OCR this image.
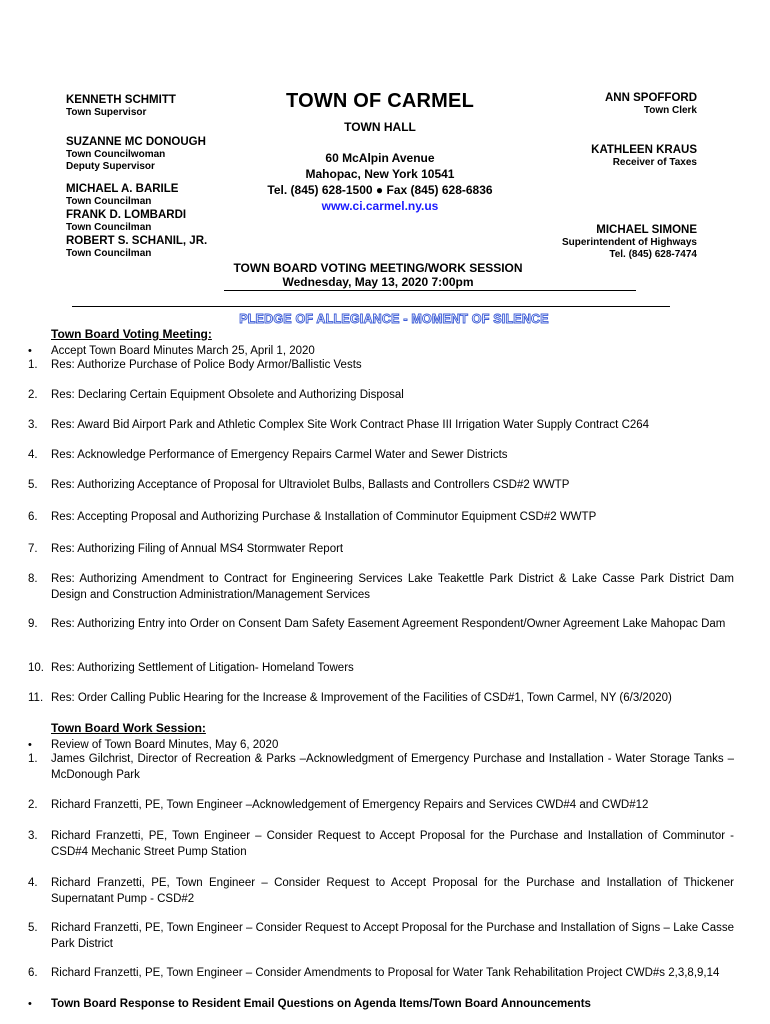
KENNETH SCHMITT
Town Supervisor
SUZANNE MC DONOUGH
Town Councilwoman
Deputy Supervisor
MICHAEL A. BARILE
Town Councilman
FRANK D. LOMBARDI
Town Councilman
ROBERT S. SCHANIL, JR.
Town Councilman
TOWN OF CARMEL
TOWN HALL
60 McAlpin Avenue
Mahopac, New York 10541
Tel. (845) 628-1500 ● Fax (845) 628-6836
www.ci.carmel.ny.us
ANN SPOFFORD
Town Clerk
KATHLEEN KRAUS
Receiver of Taxes
MICHAEL SIMONE
Superintendent of Highways
Tel. (845) 628-7474
TOWN BOARD VOTING MEETING/WORK SESSION
Wednesday, May 13, 2020 7:00pm
PLEDGE OF ALLEGIANCE - MOMENT OF SILENCE
Town Board Voting Meeting:
•	Accept Town Board Minutes March 25, April 1, 2020
1.	Res: Authorize Purchase of Police Body Armor/Ballistic Vests
2.	Res: Declaring Certain Equipment Obsolete and Authorizing Disposal
3.	Res: Award Bid Airport Park and Athletic Complex Site Work Contract Phase III Irrigation Water Supply Contract C264
4.	Res: Acknowledge Performance of Emergency Repairs Carmel Water and Sewer Districts
5.	Res: Authorizing Acceptance of Proposal for Ultraviolet Bulbs, Ballasts and Controllers CSD#2 WWTP
6.	Res: Accepting Proposal and Authorizing Purchase & Installation of Comminutor Equipment CSD#2 WWTP
7.	Res: Authorizing Filing of Annual MS4 Stormwater Report
8.	Res: Authorizing Amendment to Contract for Engineering Services Lake Teakettle Park District & Lake Casse Park District Dam Design and Construction Administration/Management Services
9.	Res: Authorizing Entry into Order on Consent Dam Safety Easement Agreement Respondent/Owner Agreement Lake Mahopac Dam
10. Res: Authorizing Settlement of Litigation- Homeland Towers
11. Res: Order Calling Public Hearing for the Increase & Improvement of the Facilities of CSD#1, Town Carmel, NY (6/3/2020)
Town Board Work Session:
•	Review of Town Board Minutes, May 6, 2020
1.	James Gilchrist, Director of Recreation & Parks –Acknowledgment of Emergency Purchase and Installation - Water Storage Tanks – McDonough Park
2.	Richard Franzetti, PE, Town Engineer –Acknowledgement of Emergency Repairs and Services CWD#4 and CWD#12
3.	Richard Franzetti, PE, Town Engineer – Consider Request to Accept Proposal for the Purchase and Installation of Comminutor - CSD#4 Mechanic Street Pump Station
4.	Richard Franzetti, PE, Town Engineer – Consider Request to Accept Proposal for the Purchase and Installation of Thickener Supernatant Pump - CSD#2
5.	Richard Franzetti, PE, Town Engineer – Consider Request to Accept Proposal for the Purchase and Installation of Signs – Lake Casse Park District
6.	Richard Franzetti, PE, Town Engineer – Consider Amendments to Proposal for Water Tank Rehabilitation Project CWD#s 2,3,8,9,14
•	Town Board Response to Resident Email Questions on Agenda Items/Town Board Announcements
